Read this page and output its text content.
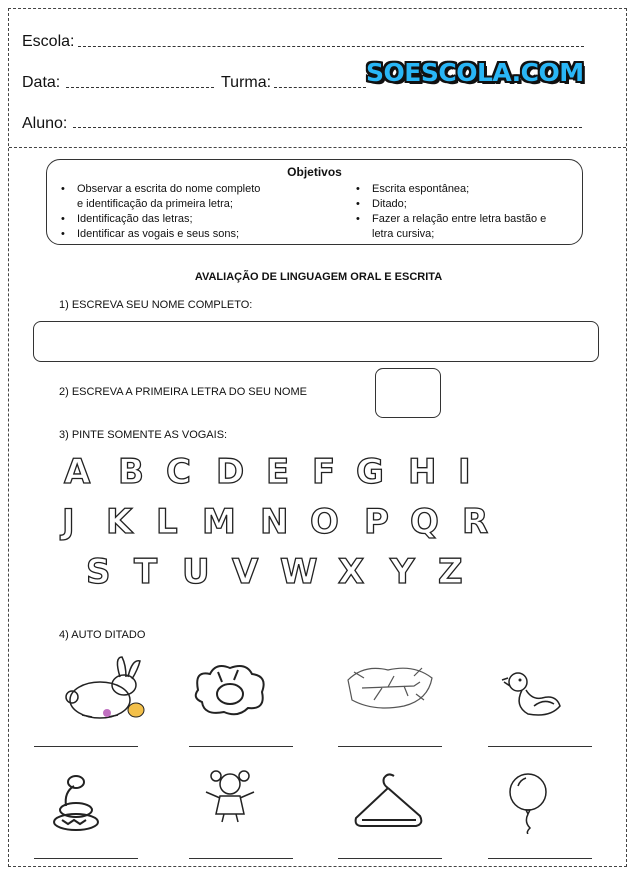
Escola:
Data:	Turma:	SOESCOLA.COM
Aluno:
Objetivos
• Observar a escrita do nome completo
e identificação da primeira letra;
• Identificação das letras;
• Identificar as vogais e seus sons;
• Escrita espontânea;
• Ditado;
• Fazer a relação entre letra bastão e
letra cursiva;
AVALIAÇÃO DE LINGUAGEM ORAL E ESCRITA
1) ESCREVA SEU NOME COMPLETO:
2) ESCREVA A PRIMEIRA LETRA DO SEU NOME
3) PINTE SOMENTE AS VOGAIS:
A B C D E F G H I
J K L M N O P Q R
S T U V W X Y Z
4) AUTO DITADO
